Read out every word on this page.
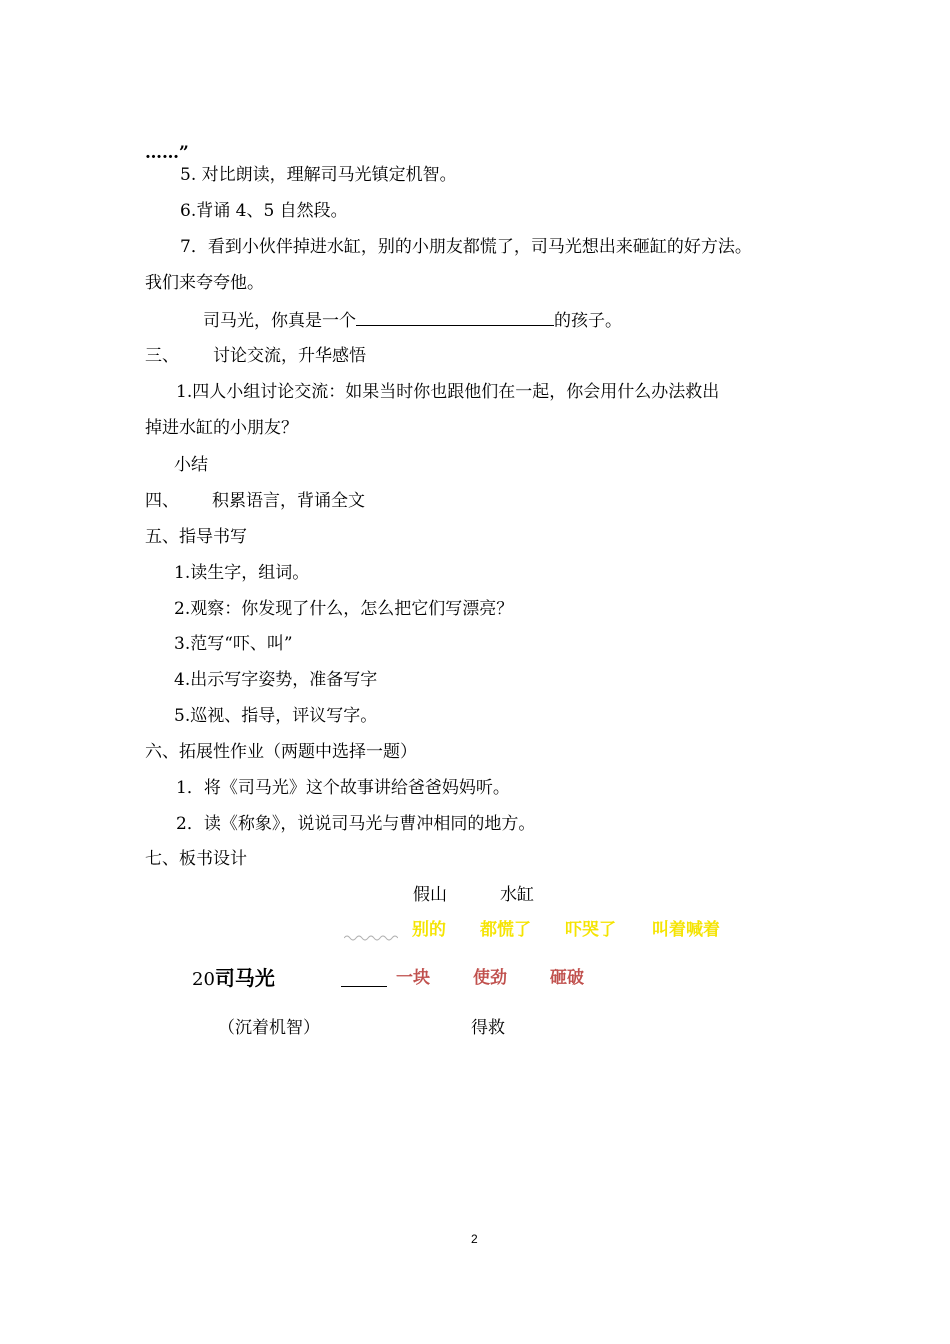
……”
5. 对比朗读，理解司马光镇定机智。
6.背诵 4、5 自然段。
7．看到小伙伴掉进水缸，别的小朋友都慌了，司马光想出来砸缸的好方法。
我们来夸夸他。
司马光，你真是一个	的孩子。
三、 讨论交流，升华感悟
1.四人小组讨论交流：如果当时你也跟他们在一起，你会用什么办法救出
掉进水缸的小朋友？
小结
四、 积累语言，背诵全文
五、指导书写
1.读生字，组词。
2.观察：你发现了什么，怎么把它们写漂亮？
3.范写“吓、叫”
4.出示写字姿势，准备写字
5.巡视、指导，评议写字。
六、拓展性作业（两题中选择一题）
1．将《司马光》这个故事讲给爸爸妈妈听。
2．读《称象》，说说司马光与曹冲相同的地方。
七、板书设计
假山	水缸
别的 都慌了 吓哭了 叫着喊着
20司马光	一块	使劲	砸破
（沉着机智）	得救
2
